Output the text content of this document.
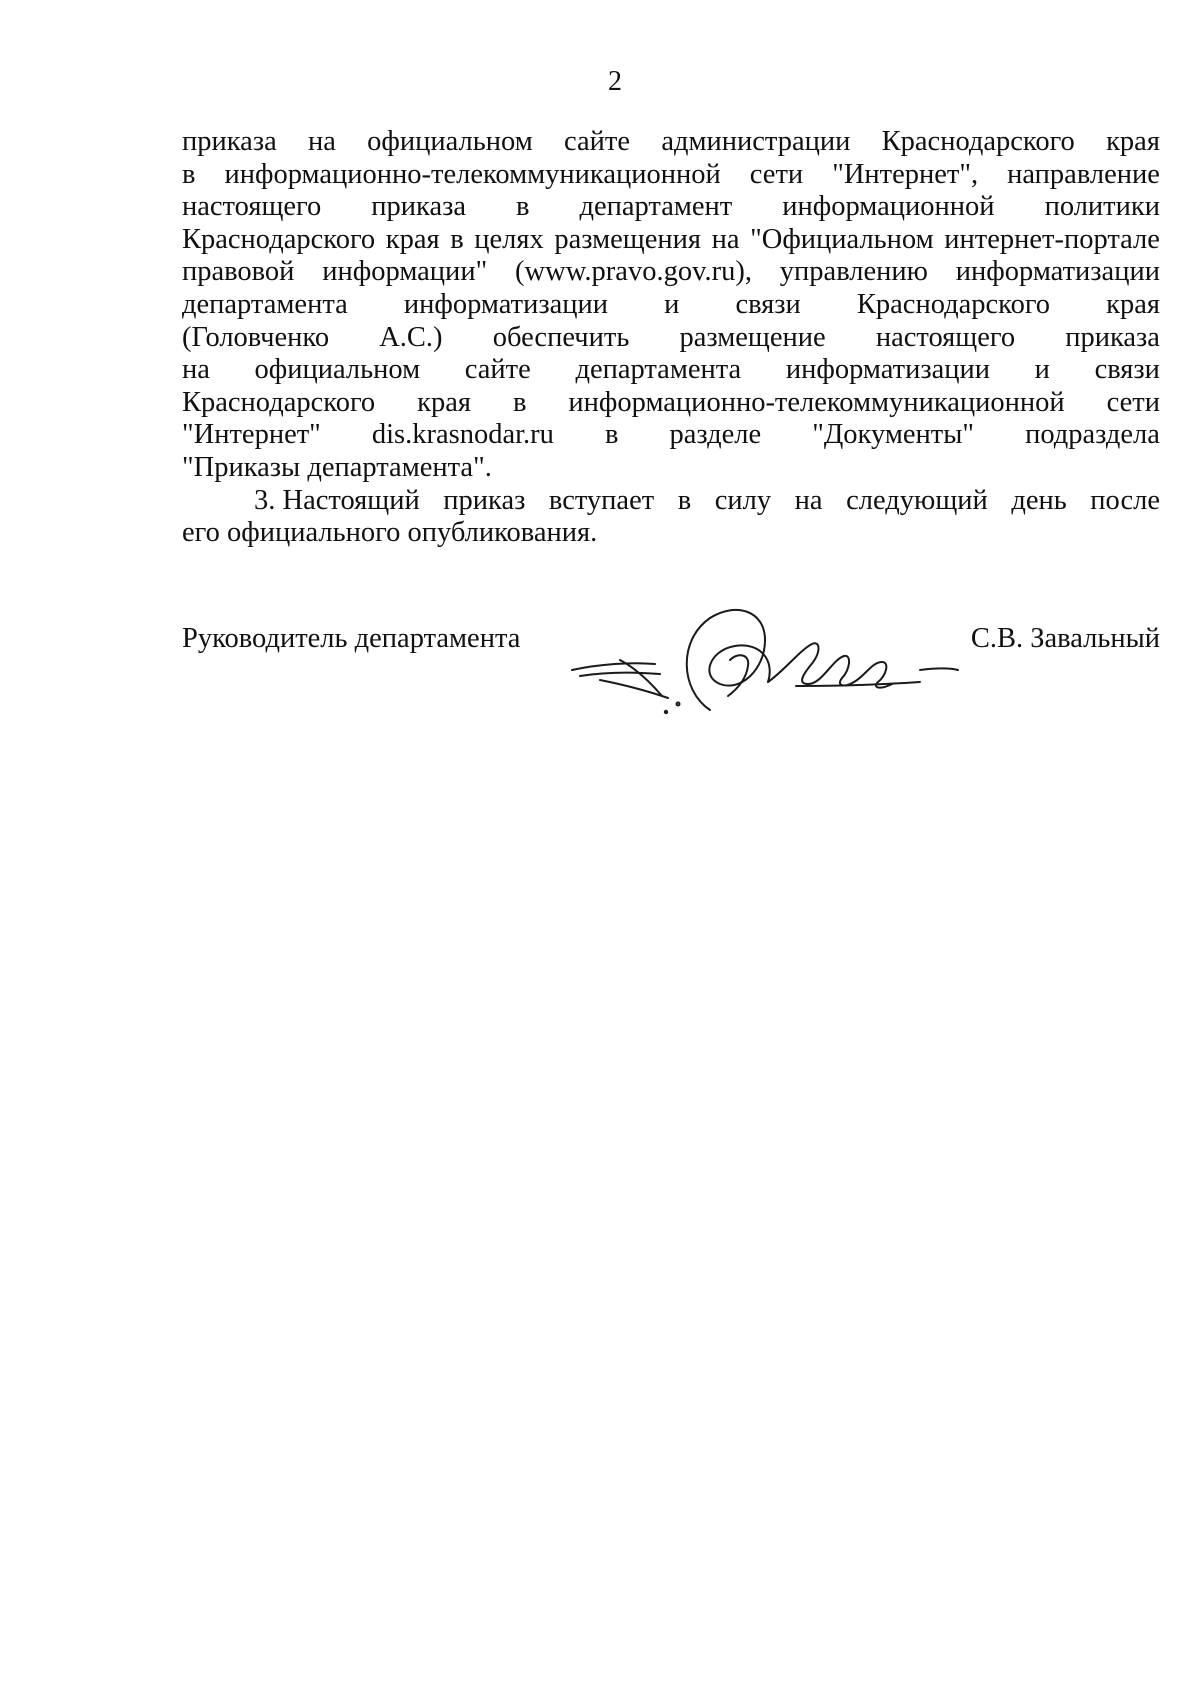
2
приказа на официальном сайте администрации Краснодарского края
в информационно-телекоммуникационной сети "Интернет", направление
настоящего приказа в департамент информационной политики
Краснодарского края в целях размещения на "Официальном интернет-портале
правовой информации" (www.pravo.gov.ru), управлению информатизации
департамента информатизации и связи Краснодарского края
(Головченко А.С.) обеспечить размещение настоящего приказа
на официальном сайте департамента информатизации и связи
Краснодарского края в информационно-телекоммуникационной сети
"Интернет" dis.krasnodar.ru в разделе "Документы" подраздела
"Приказы департамента".
3. Настоящий приказ вступает в силу на следующий день после
его официального опубликования.
Руководитель департамента	С.В. Завальный
